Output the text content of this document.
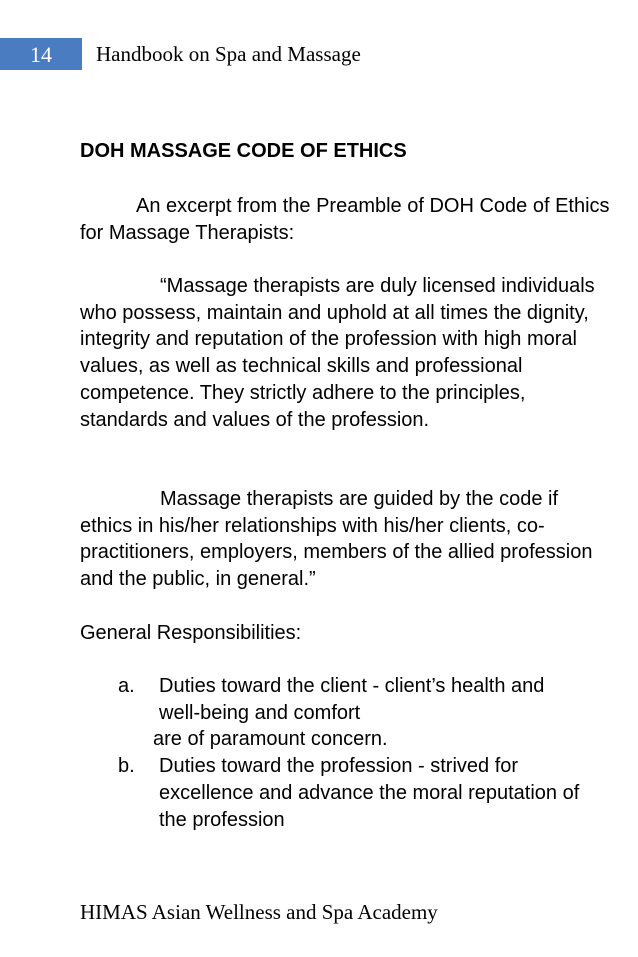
14 Handbook on Spa and Massage
DOH MASSAGE CODE OF ETHICS
An excerpt from the Preamble of DOH Code of Ethics for Massage Therapists:
“Massage therapists are duly licensed individuals who possess, maintain and uphold at all times the dignity, integrity and reputation of the profession with high moral values, as well as technical skills and professional competence. They strictly adhere to the principles, standards and values of the profession.
Massage therapists are guided by the code if ethics in his/her relationships with his/her clients, co-practitioners, employers, members of the allied profession and the public, in general.”
General Responsibilities:
a. Duties toward the client - client’s health and well-being and comfort
are of paramount concern.
b. Duties toward the profession - strived for excellence and advance the moral reputation of the profession
HIMAS Asian Wellness and Spa Academy
